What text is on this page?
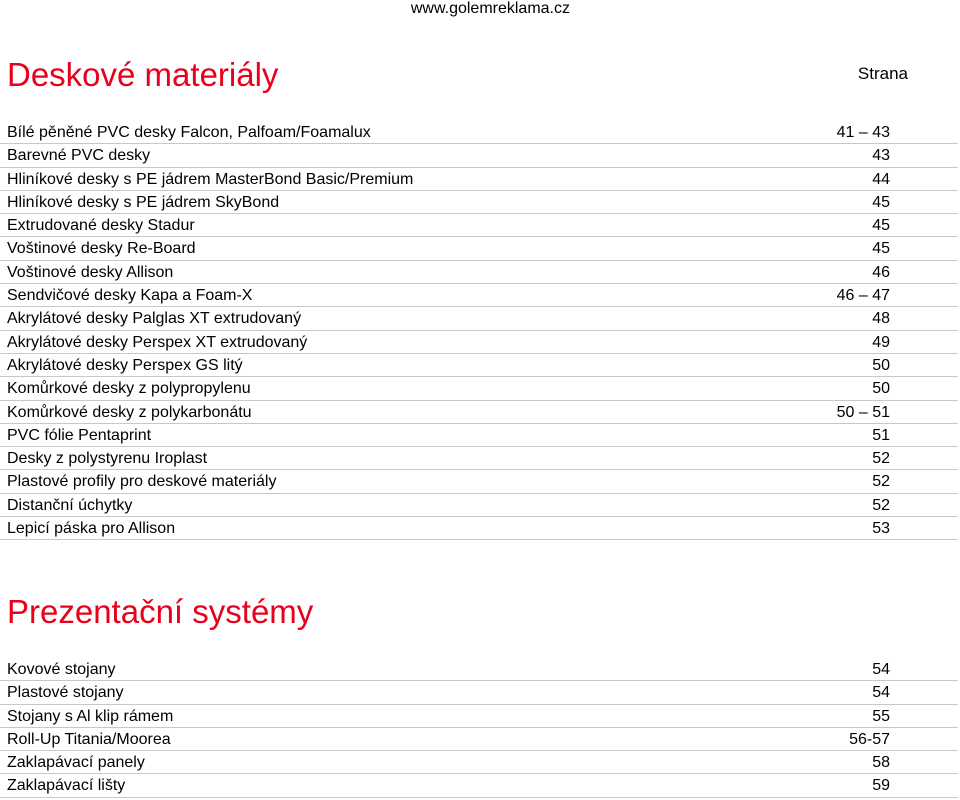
www.golemreklama.cz
Deskové materiály	Strana
Bílé pěněné PVC desky Falcon, Palfoam/Foamalux	41 – 43
Barevné PVC desky	43
Hliníkové desky s PE jádrem MasterBond Basic/Premium	44
Hliníkové desky s PE jádrem SkyBond	45
Extrudované desky Stadur	45
Voštinové desky Re-Board	45
Voštinové desky Allison	46
Sendvičové desky Kapa a Foam-X	46 – 47
Akrylátové desky Palglas XT extrudovaný	48
Akrylátové desky Perspex XT extrudovaný	49
Akrylátové desky Perspex GS litý	50
Komůrkové desky z polypropylenu	50
Komůrkové desky z polykarbonátu	50 – 51
PVC fólie Pentaprint	51
Desky z polystyrenu Iroplast	52
Plastové profily pro deskové materiály	52
Distanční úchytky	52
Lepicí páska pro Allison	53
Prezentační systémy
Kovové stojany	54
Plastové stojany	54
Stojany s Al klip rámem	55
Roll-Up Titania/Moorea	56-57
Zaklapávací panely	58
Zaklapávací lišty	59
